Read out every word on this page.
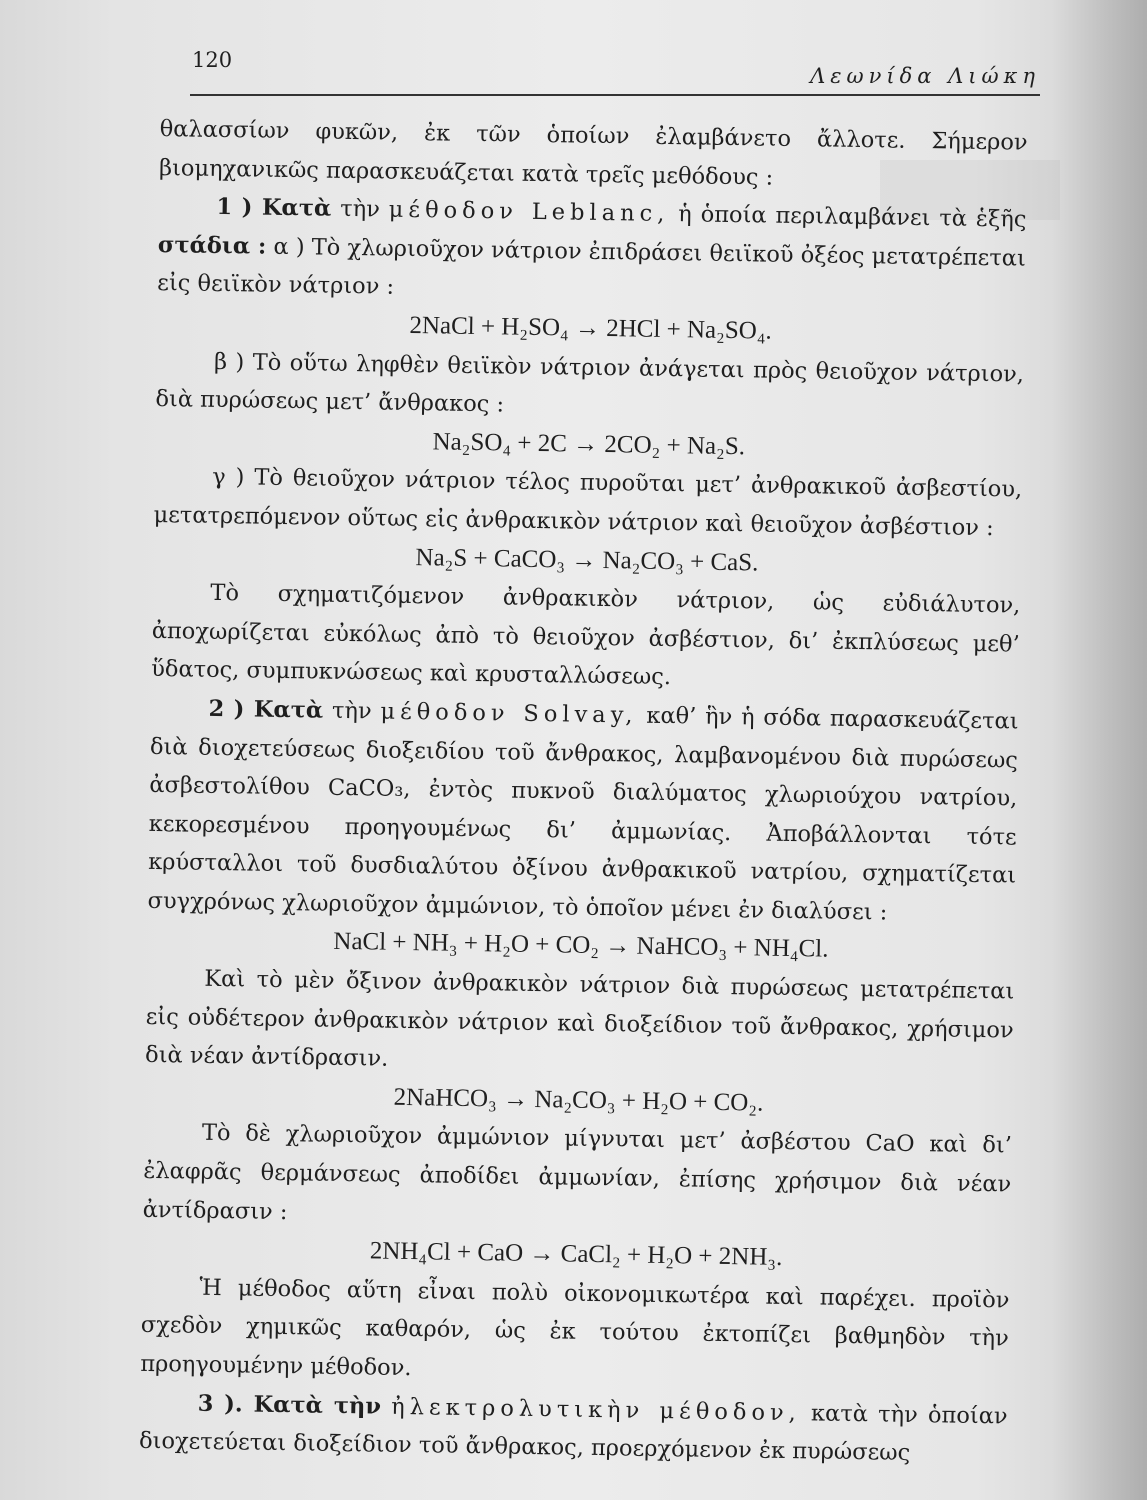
120
Λεωνίδα Λιώκη

θαλασσίων φυκῶν, ἐκ τῶν ὁποίων ἐλαμβάνετο ἄλλοτε. Σήμερον βιομηχανικῶς παρασκευάζεται κατὰ τρεῖς μεθόδους :

1 ) Κατὰ τὴν μέθοδον Leblanc, ἡ ὁποία περιλαμβάνει τὰ ἑξῆς στάδια : α ) Τὸ χλωριοῦχον νάτριον ἐπιδράσει θειϊκοῦ ὀξέος μετατρέπεται εἰς θειϊκὸν νάτριον :

2NaCl + H₂SO₄ → 2HCl + Na₂SO₄.

β ) Τὸ οὕτω ληφθὲν θειϊκὸν νάτριον ἀνάγεται πρὸς θειοῦχον νάτριον, διὰ πυρώσεως μετ’ ἄνθρακος :

Na₂SO₄ + 2C → 2CO₂ + Na₂S.

γ ) Τὸ θειοῦχον νάτριον τέλος πυροῦται μετ’ ἀνθρακικοῦ ἀσβεστίου, μετατρεπόμενον οὕτως εἰς ἀνθρακικὸν νάτριον καὶ θειοῦχον ἀσβέστιον :

Na₂S + CaCO₃ → Na₂CO₃ + CaS.

Τὸ σχηματιζόμενον ἀνθρακικὸν νάτριον, ὡς εὐδιάλυτον, ἀποχωρίζεται εὐκόλως ἀπὸ τὸ θειοῦχον ἀσβέστιον, δι’ ἐκπλύσεως μεθ’ ὕδατος, συμπυκνώσεως καὶ κρυσταλλώσεως.

2 ) Κατὰ τὴν μέθοδον Solvay, καθ’ ἣν ἡ σόδα παρασκευάζεται διὰ διοχετεύσεως διοξειδίου τοῦ ἄνθρακος, λαμβανομένου διὰ πυρώσεως ἀσβεστολίθου CaCO₃, ἐντὸς πυκνοῦ διαλύματος χλωριούχου νατρίου, κεκορεσμένου προηγουμένως δι’ ἀμμωνίας. Ἀποβάλλονται τότε κρύσταλλοι τοῦ δυσδιαλύτου ὀξίνου ἀνθρακικοῦ νατρίου, σχηματίζεται συγχρόνως χλωριοῦχον ἀμμώνιον, τὸ ὁποῖον μένει ἐν διαλύσει :

NaCl + NH₃ + H₂O + CO₂ → NaHCO₃ + NH₄Cl.

Καὶ τὸ μὲν ὄξινον ἀνθρακικὸν νάτριον διὰ πυρώσεως μετατρέπεται εἰς οὐδέτερον ἀνθρακικὸν νάτριον καὶ διοξείδιον τοῦ ἄνθρακος, χρήσιμον διὰ νέαν ἀντίδρασιν.

2NaHCO₃ → Na₂CO₃ + H₂O + CO₂.

Τὸ δὲ χλωριοῦχον ἀμμώνιον μίγνυται μετ’ ἀσβέστου CaO καὶ δι’ ἐλαφρᾶς θερμάνσεως ἀποδίδει ἀμμωνίαν, ἐπίσης χρήσιμον διὰ νέαν ἀντίδρασιν :

2NH₄Cl + CaO → CaCl₂ + H₂O + 2NH₃.

Ἡ μέθοδος αὕτη εἶναι πολὺ οἰκονομικωτέρα καὶ παρέχει. προϊὸν σχεδὸν χημικῶς καθαρόν, ὡς ἐκ τούτου ἐκτοπίζει βαθμηδὸν τὴν προηγουμένην μέθοδον.

3 ). Κατὰ τὴν ἠλεκτρολυτικὴν μέθοδον, κατὰ τὴν ὁποίαν διοχετεύεται διοξείδιον τοῦ ἄνθρακος, προερχόμενον ἐκ πυρώσεως
